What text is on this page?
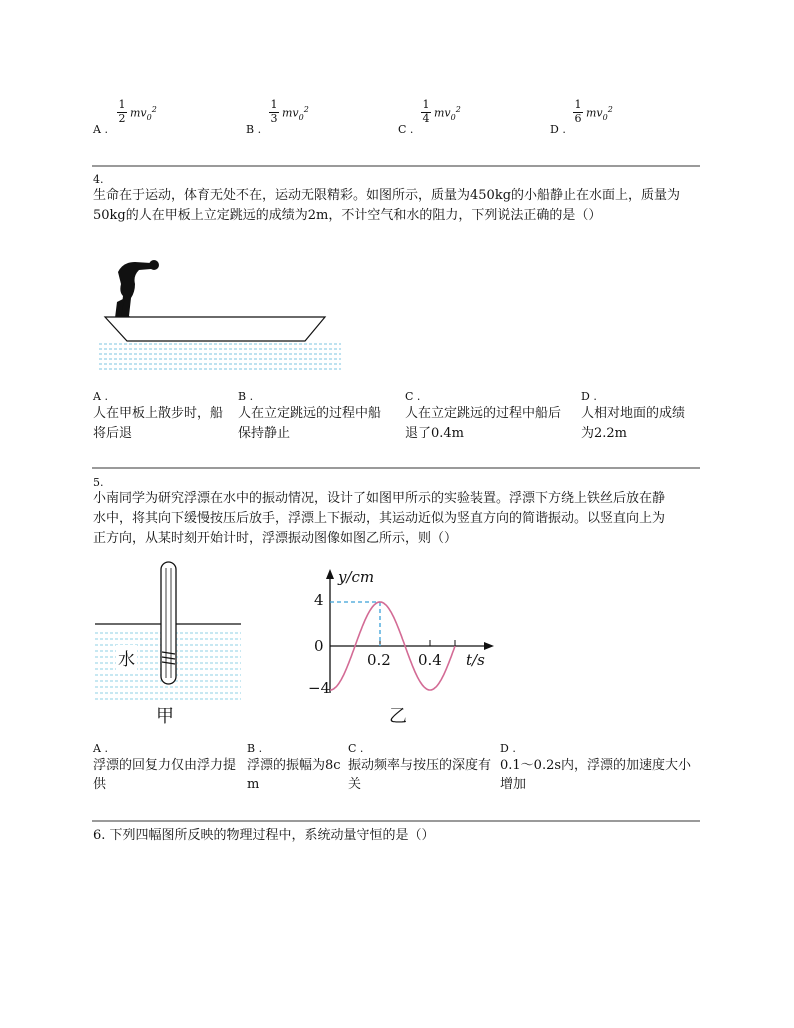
A .
1
2 $mv_0^2$
B .
1
3 $mv_0^2$
C .
1
4 $mv_0^2$
D .
1
6 $mv_0^2$
4.
生命在于运动，体育无处不在，运动无限精彩。如图所示，质量为450kg的小船静止在水面上，质量为
50kg的人在甲板上立定跳远的成绩为2m，不计空气和水的阻力，下列说法正确的是（）
A .
人在甲板上散步时，船
将后退
B .
人在立定跳远的过程中船
保持静止
C .
人在立定跳远的过程中船后
退了0.4m
D .
人相对地面的成绩
为2.2m
5.
小南同学为研究浮漂在水中的振动情况，设计了如图甲所示的实验装置。浮漂下方绕上铁丝后放在静
水中，将其向下缓慢按压后放手，浮漂上下振动，其运动近似为竖直方向的简谐振动。以竖直向上为
正方向，从某时刻开始计时，浮漂振动图像如图乙所示，则（）
水
甲
y/cm
4
0
−4
0.2 0.4 t/s
乙
A .
浮漂的回复力仅由浮力提
供
B .
浮漂的振幅为8c
m
C .
振动频率与按压的深度有
关
D .
0.1～0.2s内，浮漂的加速度大小
增加
6. 下列四幅图所反映的物理过程中，系统动量守恒的是（）
